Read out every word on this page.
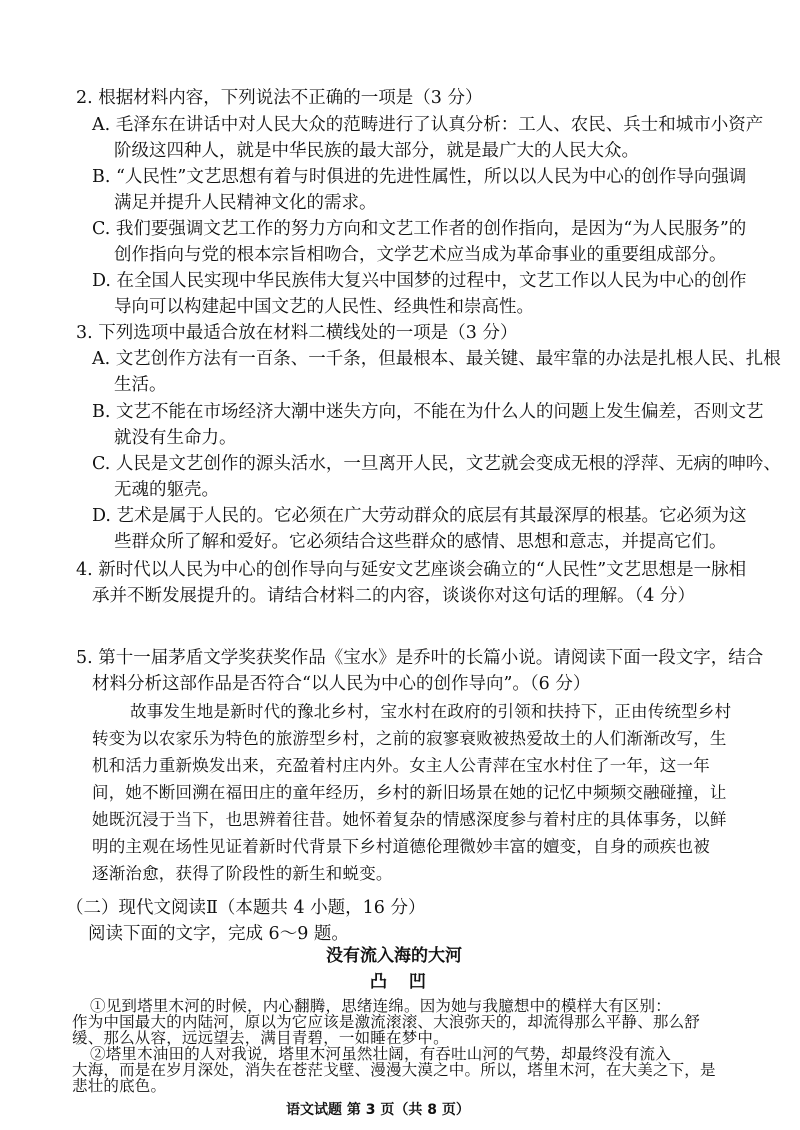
2. 根据材料内容，下列说法不正确的一项是（3 分）
A. 毛泽东在讲话中对人民大众的范畴进行了认真分析：工人、农民、兵士和城市小资产
阶级这四种人，就是中华民族的最大部分，就是最广大的人民大众。
B. “人民性”文艺思想有着与时俱进的先进性属性，所以以人民为中心的创作导向强调
满足并提升人民精神文化的需求。
C. 我们要强调文艺工作的努力方向和文艺工作者的创作指向，是因为“为人民服务”的
创作指向与党的根本宗旨相吻合，文学艺术应当成为革命事业的重要组成部分。
D. 在全国人民实现中华民族伟大复兴中国梦的过程中，文艺工作以人民为中心的创作
导向可以构建起中国文艺的人民性、经典性和崇高性。
3. 下列选项中最适合放在材料二横线处的一项是（3 分）
A. 文艺创作方法有一百条、一千条，但最根本、最关键、最牢靠的办法是扎根人民、扎根
生活。
B. 文艺不能在市场经济大潮中迷失方向，不能在为什么人的问题上发生偏差，否则文艺
就没有生命力。
C. 人民是文艺创作的源头活水，一旦离开人民，文艺就会变成无根的浮萍、无病的呻吟、
无魂的躯壳。
D. 艺术是属于人民的。它必须在广大劳动群众的底层有其最深厚的根基。它必须为这
些群众所了解和爱好。它必须结合这些群众的感情、思想和意志，并提高它们。
4. 新时代以人民为中心的创作导向与延安文艺座谈会确立的“人民性”文艺思想是一脉相
承并不断发展提升的。请结合材料二的内容，谈谈你对这句话的理解。（4 分）
5. 第十一届茅盾文学奖获奖作品《宝水》是乔叶的长篇小说。请阅读下面一段文字，结合
材料分析这部作品是否符合“以人民为中心的创作导向”。（6 分）
故事发生地是新时代的豫北乡村，宝水村在政府的引领和扶持下，正由传统型乡村
转变为以农家乐为特色的旅游型乡村，之前的寂寥衰败被热爱故土的人们渐渐改写，生
机和活力重新焕发出来，充盈着村庄内外。女主人公青萍在宝水村住了一年，这一年
间，她不断回溯在福田庄的童年经历，乡村的新旧场景在她的记忆中频频交融碰撞，让
她既沉浸于当下，也思辨着往昔。她怀着复杂的情感深度参与着村庄的具体事务，以鲜
明的主观在场性见证着新时代背景下乡村道德伦理微妙丰富的嬗变，自身的顽疾也被
逐渐治愈，获得了阶段性的新生和蜕变。
（二）现代文阅读Ⅱ（本题共 4 小题，16 分）
阅读下面的文字，完成 6～9 题。
没有流入海的大河
凸 凹
①见到塔里木河的时候，内心翻腾，思绪连绵。因为她与我臆想中的模样大有区别：
作为中国最大的内陆河，原以为它应该是激流滚滚、大浪弥天的，却流得那么平静、那么舒
缓、那么从容，远远望去，满目青碧，一如睡在梦中。
②塔里木油田的人对我说，塔里木河虽然壮阔，有吞吐山河的气势，却最终没有流入
大海，而是在岁月深处，消失在苍茫戈壁、漫漫大漠之中。所以，塔里木河，在大美之下，是
悲壮的底色。
语文试题 第 3 页（共 8 页）
